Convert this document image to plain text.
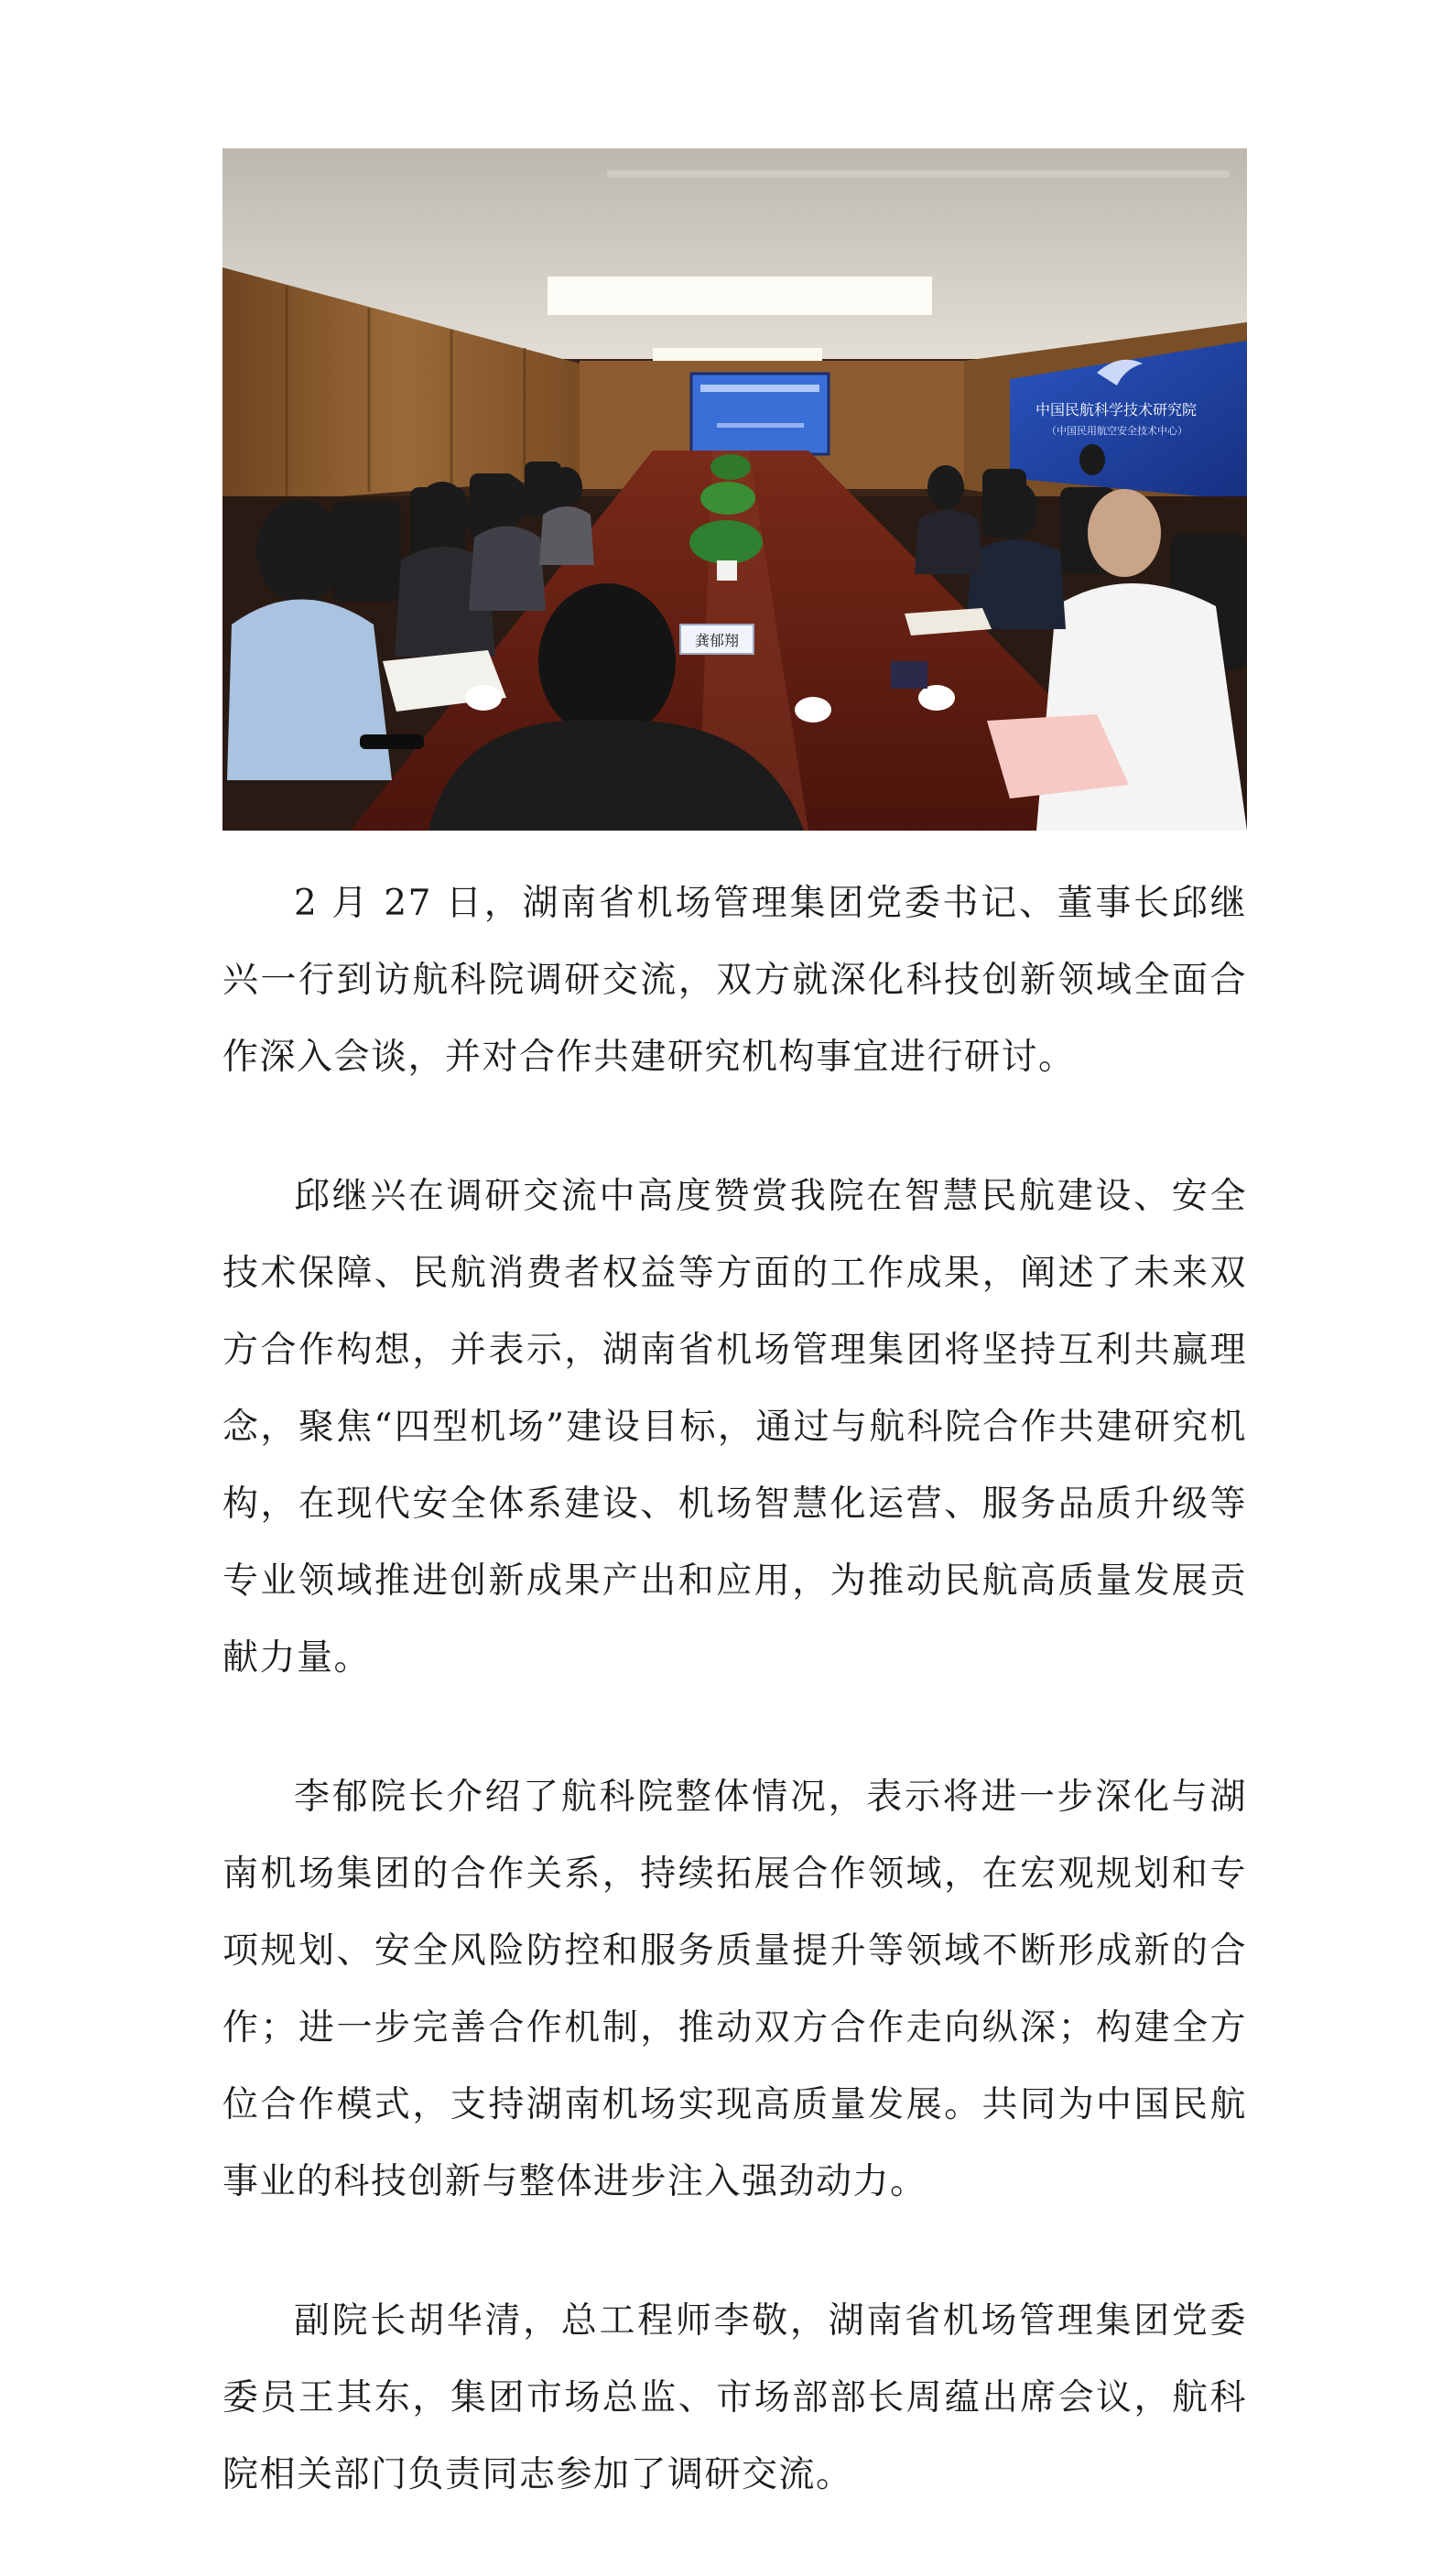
中国民航科学技术研究院
（中国民用航空安全技术中心）
龚郁翔

2 月 27 日，湖南省机场管理集团党委书记、董事长邱继兴一行到访航科院调研交流，双方就深化科技创新领域全面合作深入会谈，并对合作共建研究机构事宜进行研讨。

邱继兴在调研交流中高度赞赏我院在智慧民航建设、安全技术保障、民航消费者权益等方面的工作成果，阐述了未来双方合作构想，并表示，湖南省机场管理集团将坚持互利共赢理念，聚焦“四型机场”建设目标，通过与航科院合作共建研究机构，在现代安全体系建设、机场智慧化运营、服务品质升级等专业领域推进创新成果产出和应用，为推动民航高质量发展贡献力量。

李郁院长介绍了航科院整体情况，表示将进一步深化与湖南机场集团的合作关系，持续拓展合作领域，在宏观规划和专项规划、安全风险防控和服务质量提升等领域不断形成新的合作；进一步完善合作机制，推动双方合作走向纵深；构建全方位合作模式，支持湖南机场实现高质量发展。共同为中国民航事业的科技创新与整体进步注入强劲动力。

副院长胡华清，总工程师李敬，湖南省机场管理集团党委委员王其东，集团市场总监、市场部部长周蕴出席会议，航科院相关部门负责同志参加了调研交流。
